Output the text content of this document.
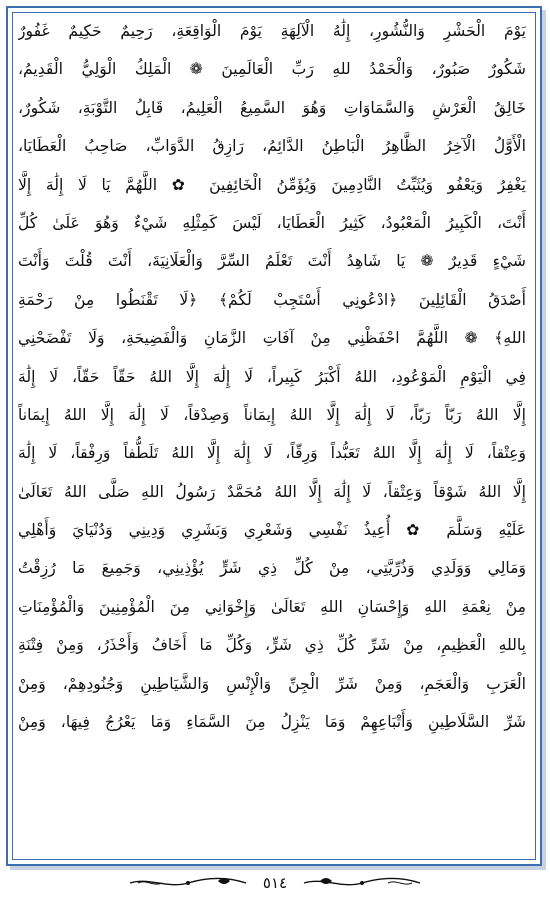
يَوْمَ الْحَشْرِ وَالنُّشُورِ، إِلَٰهُ الْآلِهَةِ يَوْمَ الْوَاقِعَةِ، رَحِيمٌ حَكِيمٌ غَفُورٌ
شَكُورٌ صَبُورٌ، وَالْحَمْدُ للهِ رَبِّ الْعَالَمِينَ ❁ الْمَلِكُ الْوَلِيُّ الْقَدِيمُ،
خَالِقُ الْعَرْشِ وَالسَّمَاوَاتِ وَهُوَ السَّمِيعُ الْعَلِيمُ، قَابِلُ التَّوْبَةِ، شَكُورٌ،
الْأَوَّلُ الْآخِرُ الظَّاهِرُ الْبَاطِنُ الدَّائِمُ، رَازِقُ الدَّوَابِّ، صَاحِبُ الْعَطَايَا،
يَغْفِرُ وَيَعْفُو وَيُثَبِّتُ النَّادِمِينَ وَيُؤَمِّنُ الْخَائِفِينَ ✿ اللَّهُمَّ يَا لَا إِلَٰهَ إِلَّا
أَنْتَ، الْكَبِيرُ الْمَعْبُودُ، كَثِيرُ الْعَطَايَا، لَيْسَ كَمِثْلِهِ شَيْءٌ وَهُوَ عَلَىٰ كُلِّ
شَيْءٍ قَدِيرٌ ❁ يَا شَاهِدُ أَنْتَ تَعْلَمُ السِّرَّ وَالْعَلَانِيَةَ، أَنْتَ قُلْتَ وَأَنْتَ
أَصْدَقُ الْقَائِلِينَ ﴿ادْعُونِي أَسْتَجِبْ لَكُمْ﴾ ﴿لَا تَقْنَطُوا مِنْ رَحْمَةِ
اللهِ﴾ ❁ اللَّهُمَّ احْفَظْنِي مِنْ آفَاتِ الزَّمَانِ وَالْفَضِيحَةِ، وَلَا تَفْضَحْنِي
فِي الْيَوْمِ الْمَوْعُودِ، اللهُ أَكْبَرُ كَبِيراً، لَا إِلَٰهَ إِلَّا اللهُ حَقّاً حَقّاً، لَا إِلَٰهَ
إِلَّا اللهُ رَبّاً رَبّاً، لَا إِلَٰهَ إِلَّا اللهُ إِيمَاناً وَصِدْقاً، لَا إِلَٰهَ إِلَّا اللهُ إِيمَاناً
وَعِتْقاً، لَا إِلَٰهَ إِلَّا اللهُ تَعَبُّداً وَرِقّاً، لَا إِلَٰهَ إِلَّا اللهُ تَلَطُّفاً وَرِفْقاً، لَا إِلَٰهَ
إِلَّا اللهُ شَوْقاً وَعِتْقاً، لَا إِلَٰهَ إِلَّا اللهُ مُحَمَّدٌ رَسُولُ اللهِ صَلَّى اللهُ تَعَالَىٰ
عَلَيْهِ وَسَلَّمَ ✿ أُعِيذُ نَفْسِي وَشَعْرِي وَبَشَرِي وَدِينِي وَدُنْيَايَ وَأَهْلِي
وَمَالِي وَوَلَدِي وَذُرِّيَّتِي، مِنْ كُلِّ ذِي شَرٍّ يُؤْذِينِي، وَجَمِيعَ مَا رُزِقْتُ
مِنْ نِعْمَةِ اللهِ وَإِحْسَانِ اللهِ تَعَالَىٰ وَإِخْوَانِي مِنَ الْمُؤْمِنِينَ وَالْمُؤْمِنَاتِ
بِاللهِ الْعَظِيمِ، مِنْ شَرِّ كُلِّ ذِي شَرٍّ، وَكُلِّ مَا أَخَافُ وَأَحْذَرُ، وَمِنْ فِتْنَةِ
الْعَرَبِ وَالْعَجَمِ، وَمِنْ شَرِّ الْجِنِّ وَالْإِنْسِ وَالشَّيَاطِينِ وَجُنُودِهِمْ، وَمِنْ
شَرِّ السَّلَاطِينِ وَأَتْبَاعِهِمْ وَمَا يَنْزِلُ مِنَ السَّمَاءِ وَمَا يَعْرُجُ فِيهَا، وَمِنْ
٥١٤
